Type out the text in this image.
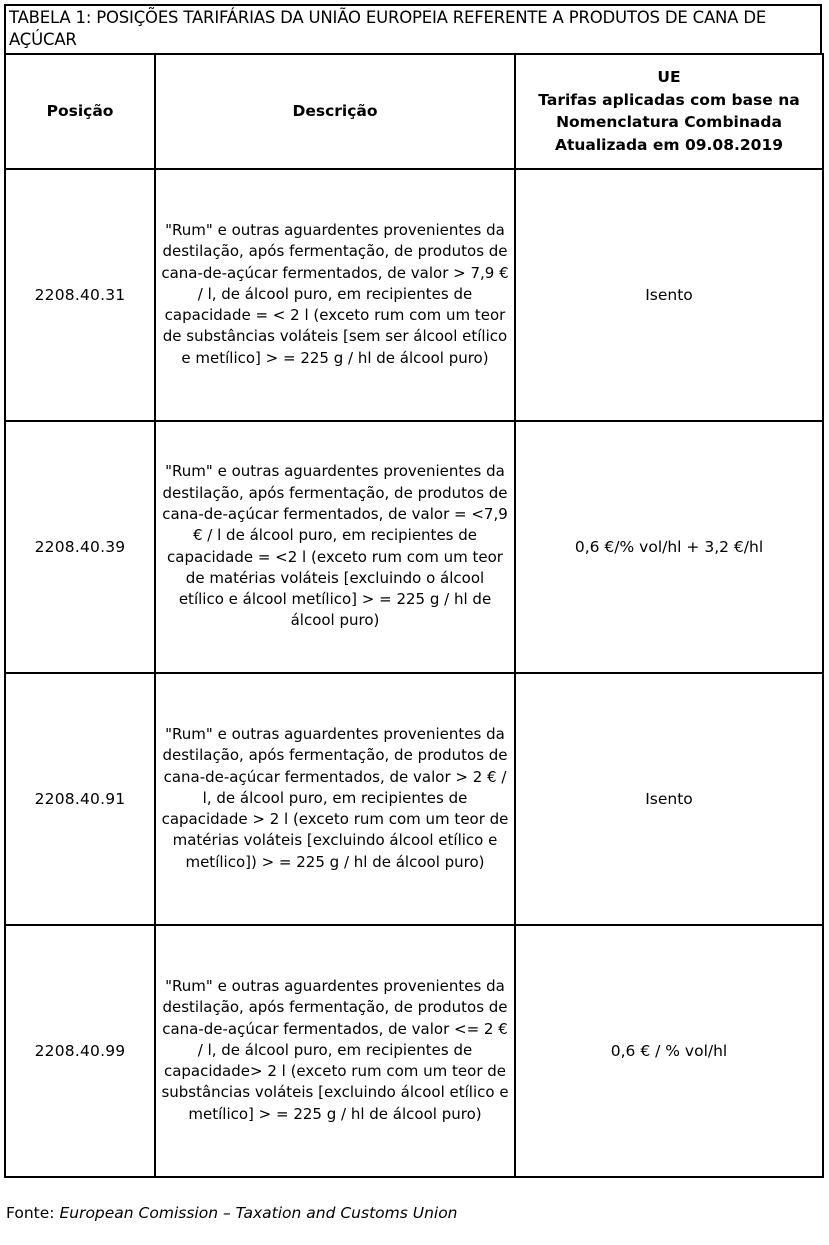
TABELA 1: POSIÇÕES TARIFÁRIAS DA UNIÃO EUROPEIA REFERENTE A PRODUTOS DE CANA DE AÇÚCAR
Posição	Descrição	UE
Tarifas aplicadas com base na Nomenclatura Combinada Atualizada em 09.08.2019

2208.40.31	"Rum" e outras aguardentes provenientes da destilação, após fermentação, de produtos de cana-de-açúcar fermentados, de valor > 7,9 € / l, de álcool puro, em recipientes de capacidade = < 2 l (exceto rum com um teor de substâncias voláteis [sem ser álcool etílico e metílico] > = 225 g / hl de álcool puro)	Isento
2208.40.39	"Rum" e outras aguardentes provenientes da destilação, após fermentação, de produtos de cana-de-açúcar fermentados, de valor = <7,9 € / l de álcool puro, em recipientes de capacidade = <2 l (exceto rum com um teor de matérias voláteis [excluindo o álcool etílico e álcool metílico] > = 225 g / hl de álcool puro)	0,6 €/% vol/hl + 3,2 €/hl
2208.40.91	"Rum" e outras aguardentes provenientes da destilação, após fermentação, de produtos de cana-de-açúcar fermentados, de valor > 2 € / l, de álcool puro, em recipientes de capacidade > 2 l (exceto rum com um teor de matérias voláteis [excluindo álcool etílico e metílico]) > = 225 g / hl de álcool puro)	Isento
2208.40.99	"Rum" e outras aguardentes provenientes da destilação, após fermentação, de produtos de cana-de-açúcar fermentados, de valor <= 2 € / l, de álcool puro, em recipientes de capacidade> 2 l (exceto rum com um teor de substâncias voláteis [excluindo álcool etílico e metílico] > = 225 g / hl de álcool puro)	0,6 € / % vol/hl
Fonte: European Comission – Taxation and Customs Union
